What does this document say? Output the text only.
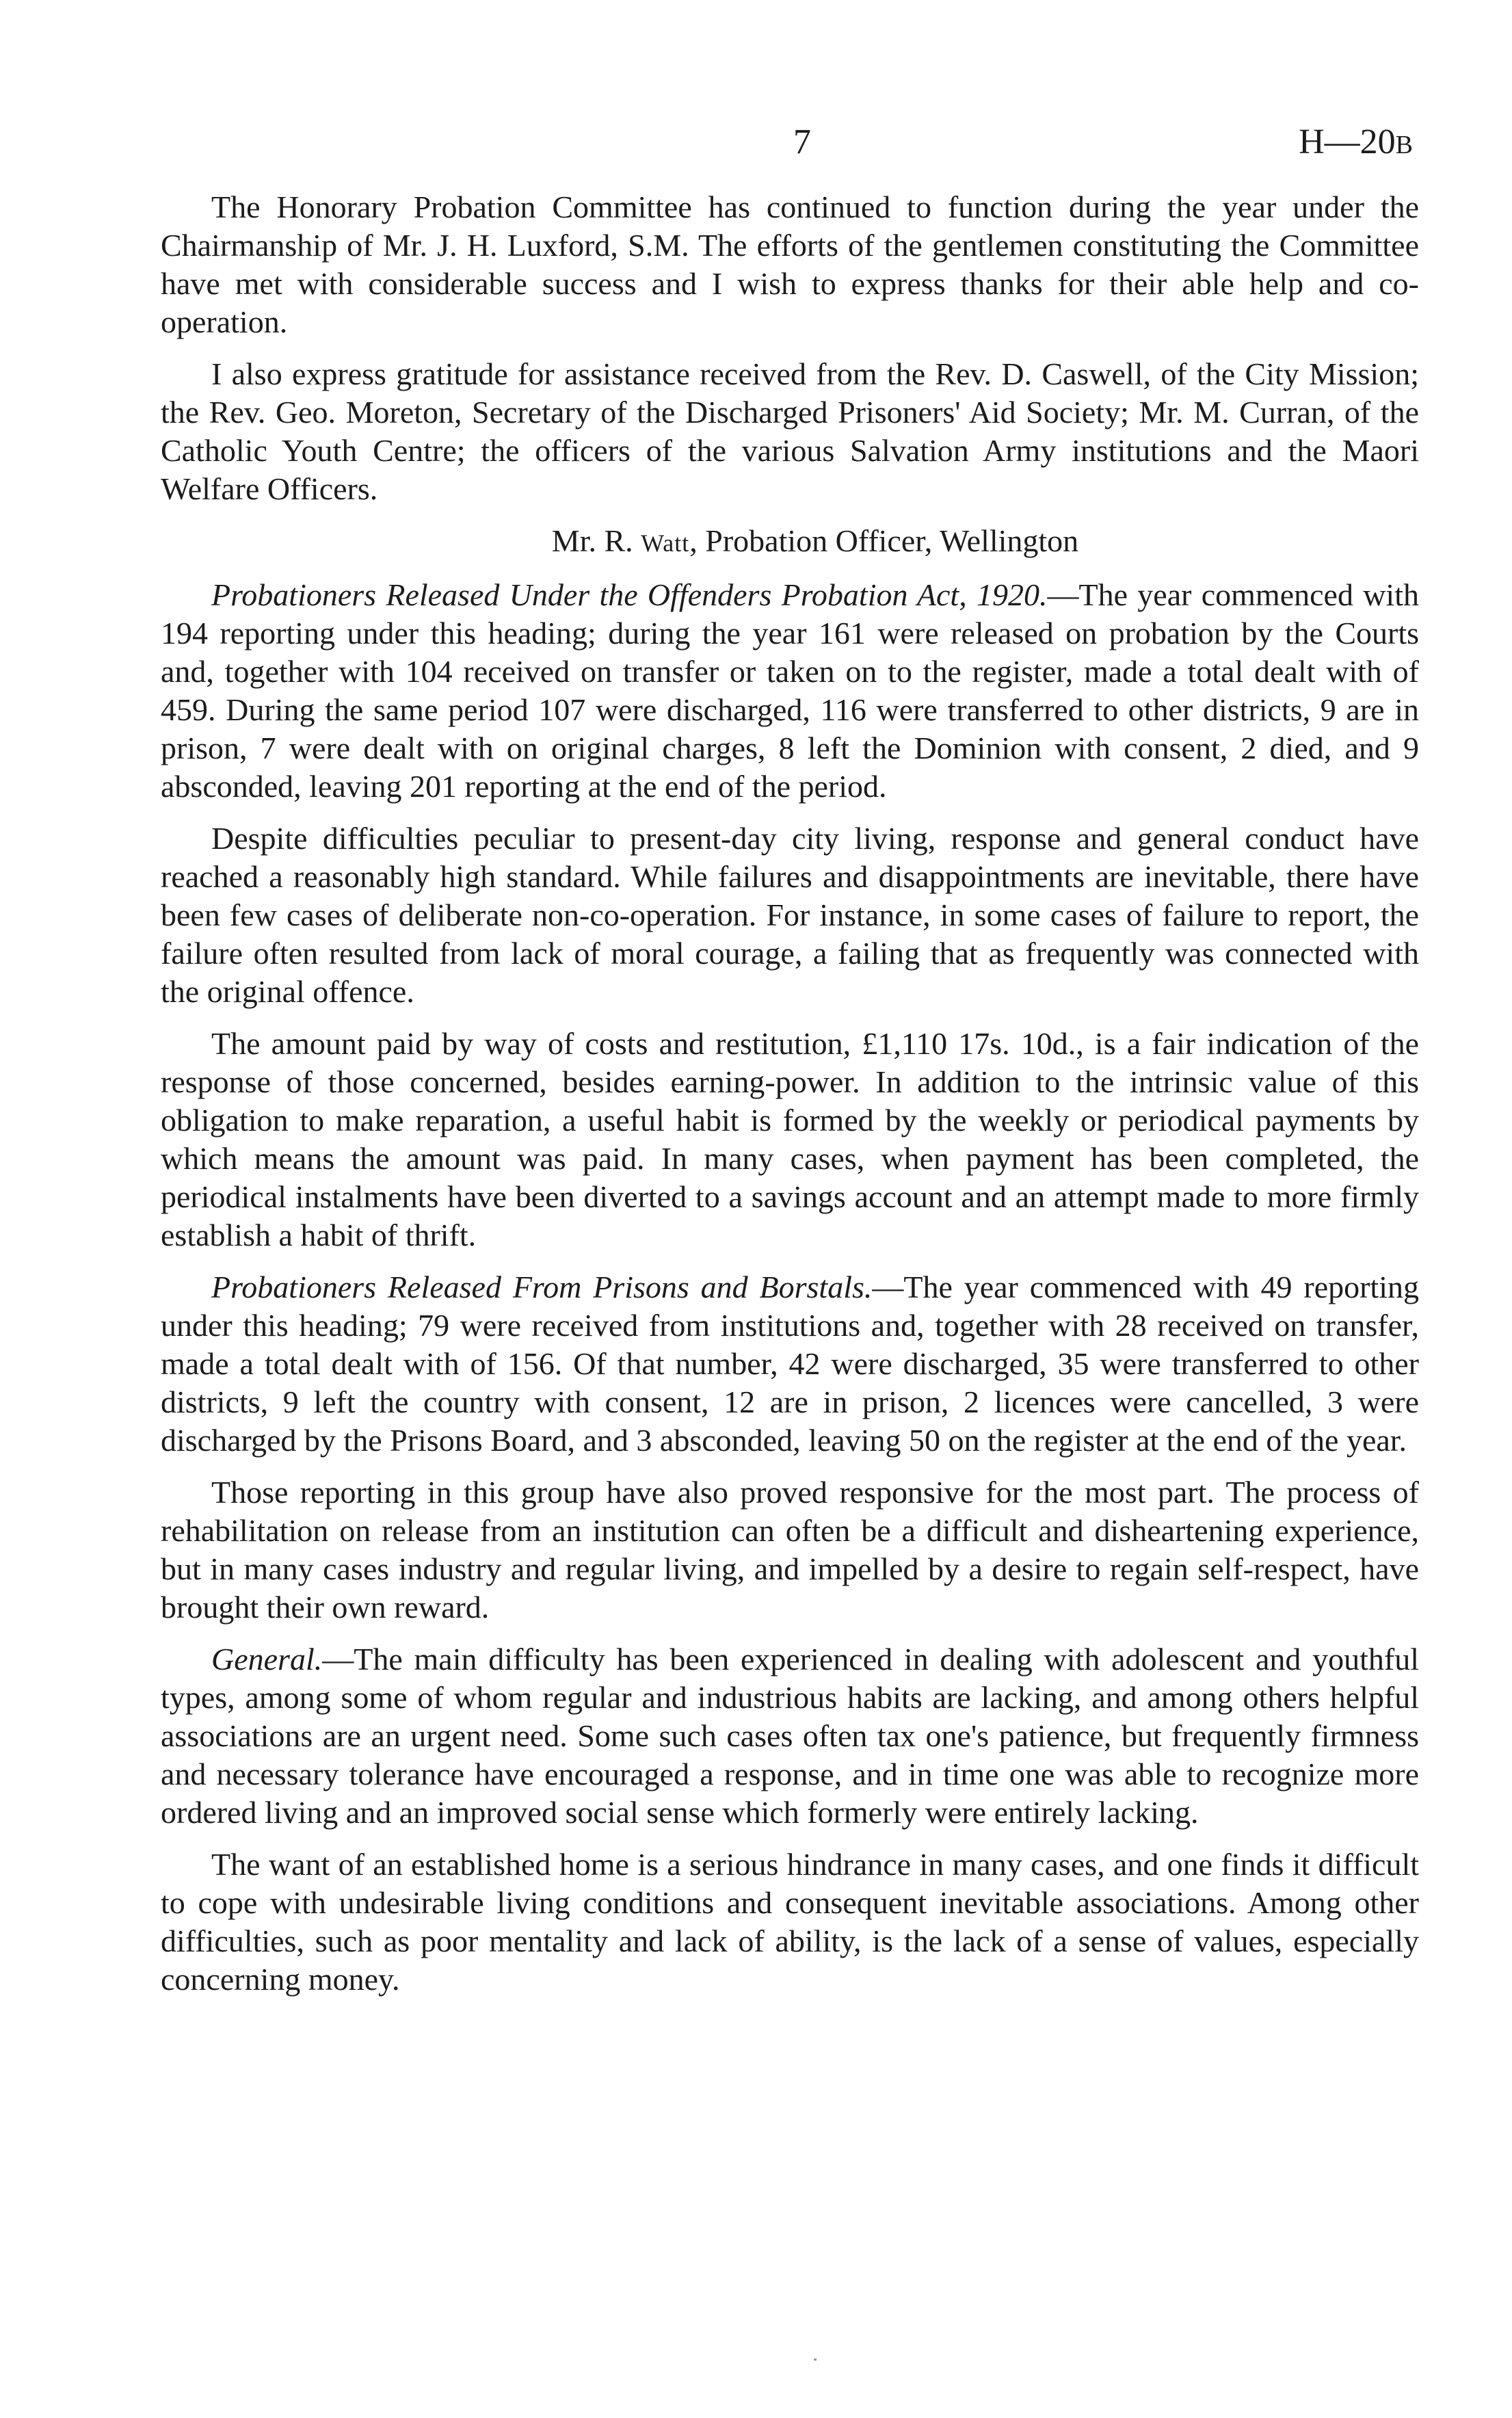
7	H—20B

The Honorary Probation Committee has continued to function during the year under the Chairmanship of Mr. J. H. Luxford, S.M. The efforts of the gentlemen constituting the Committee have met with considerable success and I wish to express thanks for their able help and co-operation.

I also express gratitude for assistance received from the Rev. D. Caswell, of the City Mission; the Rev. Geo. Moreton, Secretary of the Discharged Prisoners' Aid Society; Mr. M. Curran, of the Catholic Youth Centre; the officers of the various Salvation Army institutions and the Maori Welfare Officers.

Mr. R. Watt, Probation Officer, Wellington

Probationers Released Under the Offenders Probation Act, 1920.—The year commenced with 194 reporting under this heading; during the year 161 were released on probation by the Courts and, together with 104 received on transfer or taken on to the register, made a total dealt with of 459. During the same period 107 were discharged, 116 were transferred to other districts, 9 are in prison, 7 were dealt with on original charges, 8 left the Dominion with consent, 2 died, and 9 absconded, leaving 201 reporting at the end of the period.

Despite difficulties peculiar to present-day city living, response and general conduct have reached a reasonably high standard. While failures and disappointments are inevitable, there have been few cases of deliberate non-co-operation. For instance, in some cases of failure to report, the failure often resulted from lack of moral courage, a failing that as frequently was connected with the original offence.

The amount paid by way of costs and restitution, £1,110 17s. 10d., is a fair indication of the response of those concerned, besides earning-power. In addition to the intrinsic value of this obligation to make reparation, a useful habit is formed by the weekly or periodical payments by which means the amount was paid. In many cases, when payment has been completed, the periodical instalments have been diverted to a savings account and an attempt made to more firmly establish a habit of thrift.

Probationers Released From Prisons and Borstals.—The year commenced with 49 reporting under this heading; 79 were received from institutions and, together with 28 received on transfer, made a total dealt with of 156. Of that number, 42 were discharged, 35 were transferred to other districts, 9 left the country with consent, 12 are in prison, 2 licences were cancelled, 3 were discharged by the Prisons Board, and 3 absconded, leaving 50 on the register at the end of the year.

Those reporting in this group have also proved responsive for the most part. The process of rehabilitation on release from an institution can often be a difficult and disheartening experience, but in many cases industry and regular living, and impelled by a desire to regain self-respect, have brought their own reward.

General.—The main difficulty has been experienced in dealing with adolescent and youthful types, among some of whom regular and industrious habits are lacking, and among others helpful associations are an urgent need. Some such cases often tax one's patience, but frequently firmness and necessary tolerance have encouraged a response, and in time one was able to recognize more ordered living and an improved social sense which formerly were entirely lacking.

The want of an established home is a serious hindrance in many cases, and one finds it difficult to cope with undesirable living conditions and consequent inevitable associations. Among other difficulties, such as poor mentality and lack of ability, is the lack of a sense of values, especially concerning money.
